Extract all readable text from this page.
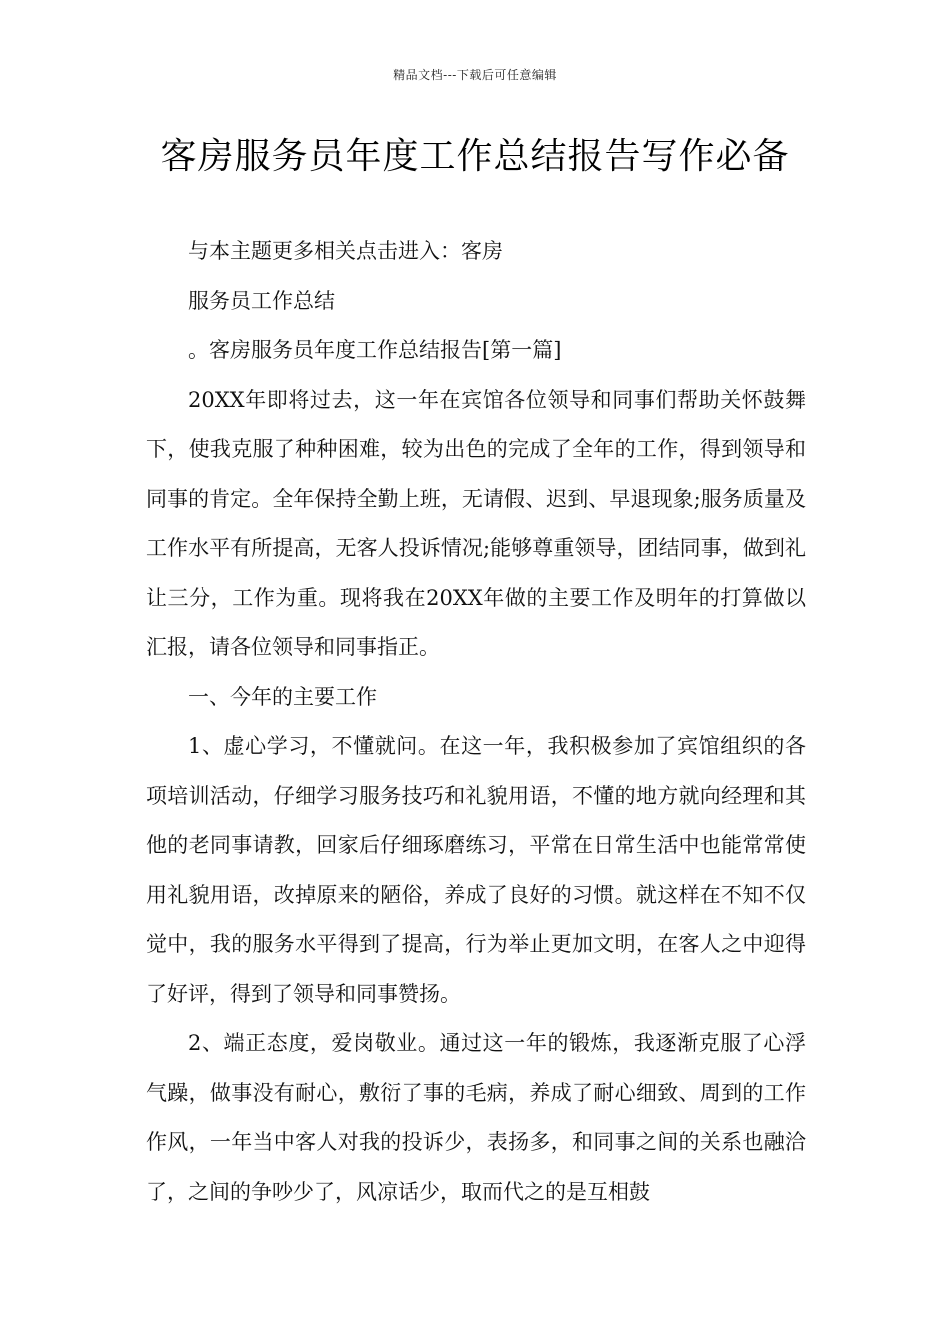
精品文档---下载后可任意编辑
客房服务员年度工作总结报告写作必备

与本主题更多相关点击进入：客房

服务员工作总结

。客房服务员年度工作总结报告[第一篇]

20XX年即将过去，这一年在宾馆各位领导和同事们帮助关怀鼓舞下，使我克服了种种困难，较为出色的完成了全年的工作，得到领导和同事的肯定。全年保持全勤上班，无请假、迟到、早退现象;服务质量及工作水平有所提高，无客人投诉情况;能够尊重领导，团结同事，做到礼让三分，工作为重。现将我在20XX年做的主要工作及明年的打算做以汇报，请各位领导和同事指正。

一、今年的主要工作

1、虚心学习，不懂就问。在这一年，我积极参加了宾馆组织的各项培训活动，仔细学习服务技巧和礼貌用语，不懂的地方就向经理和其他的老同事请教，回家后仔细琢磨练习，平常在日常生活中也能常常使用礼貌用语，改掉原来的陋俗，养成了良好的习惯。就这样在不知不仅觉中，我的服务水平得到了提高，行为举止更加文明，在客人之中迎得了好评，得到了领导和同事赞扬。

2、端正态度，爱岗敬业。通过这一年的锻炼，我逐渐克服了心浮气躁，做事没有耐心，敷衍了事的毛病，养成了耐心细致、周到的工作作风，一年当中客人对我的投诉少，表扬多，和同事之间的关系也融洽了，之间的争吵少了，风凉话少，取而代之的是互相鼓
